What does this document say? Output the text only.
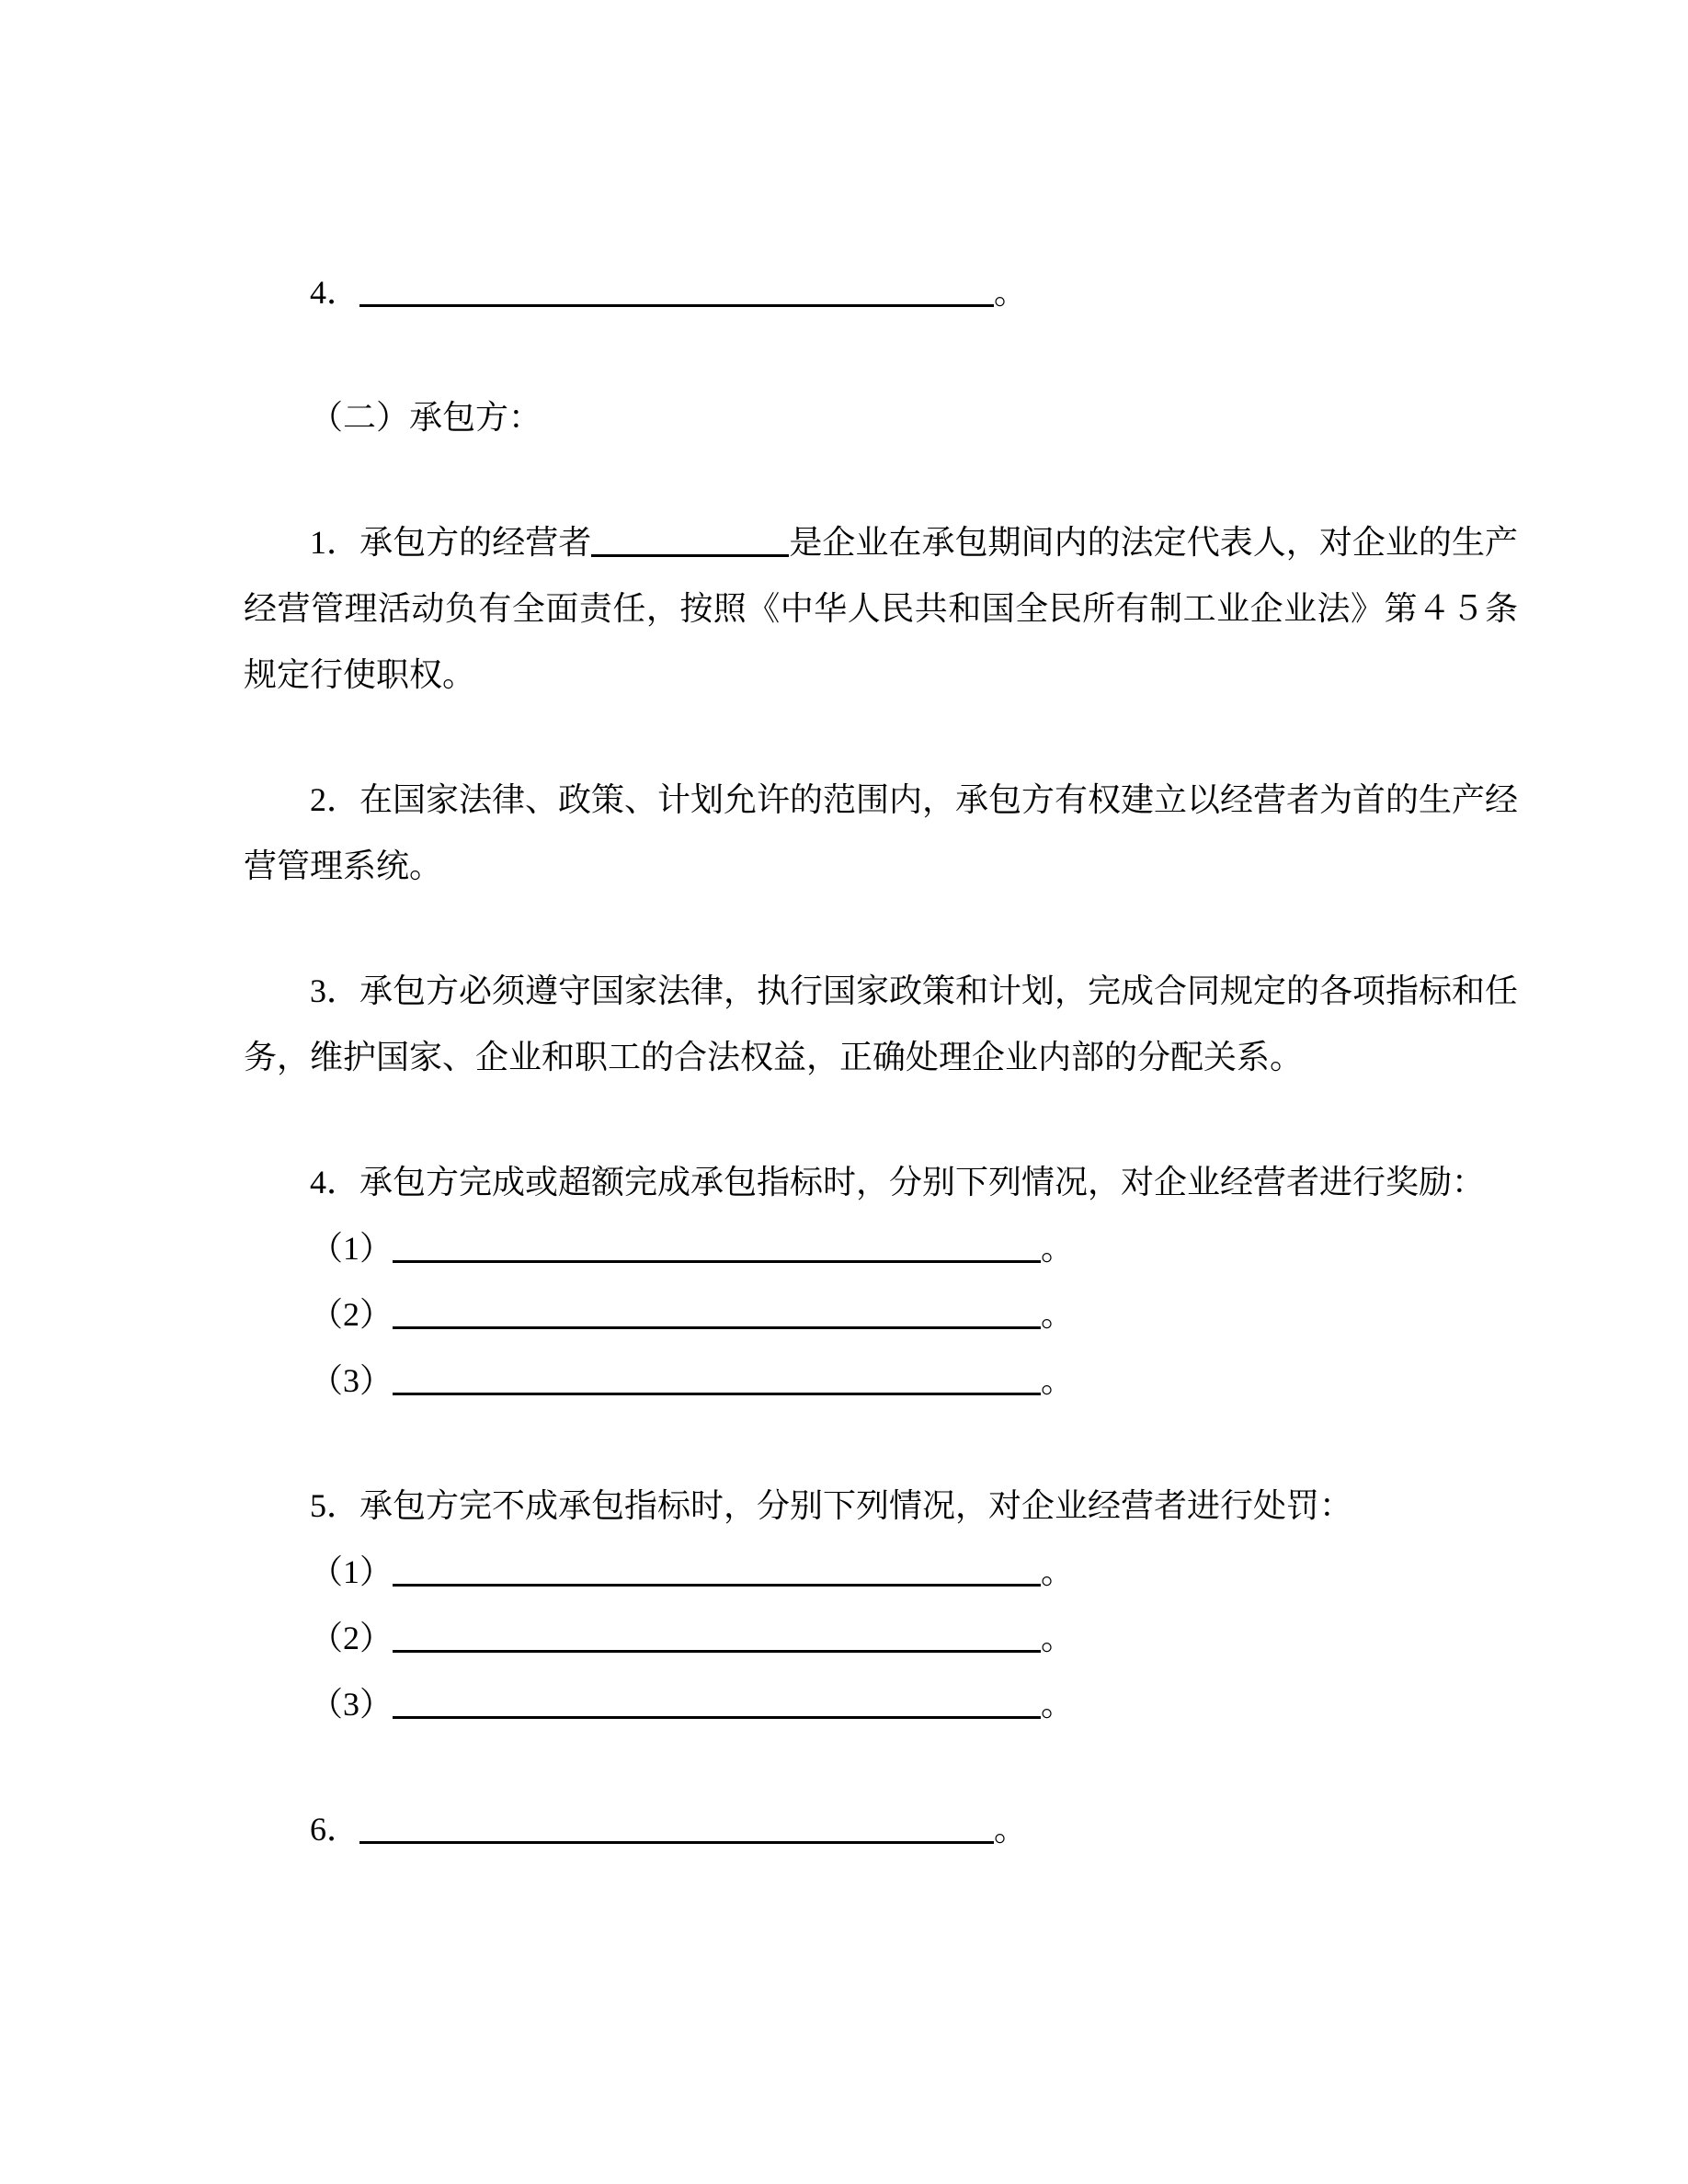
4．	。

（二）承包方：

1．承包方的经营者	是企业在承包期间内的法定代表人，对企业的生产经营管理活动负有全面责任，按照《中华人民共和国全民所有制工业企业法》第４５条规定行使职权。

2．在国家法律、政策、计划允许的范围内，承包方有权建立以经营者为首的生产经营管理系统。

3．承包方必须遵守国家法律，执行国家政策和计划，完成合同规定的各项指标和任务，维护国家、企业和职工的合法权益，正确处理企业内部的分配关系。

4．承包方完成或超额完成承包指标时，分别下列情况，对企业经营者进行奖励：

（1）	。

（2）	。

（3）	。

5．承包方完不成承包指标时，分别下列情况，对企业经营者进行处罚：

（1）	。

（2）	。

（3）	。

6．	。
